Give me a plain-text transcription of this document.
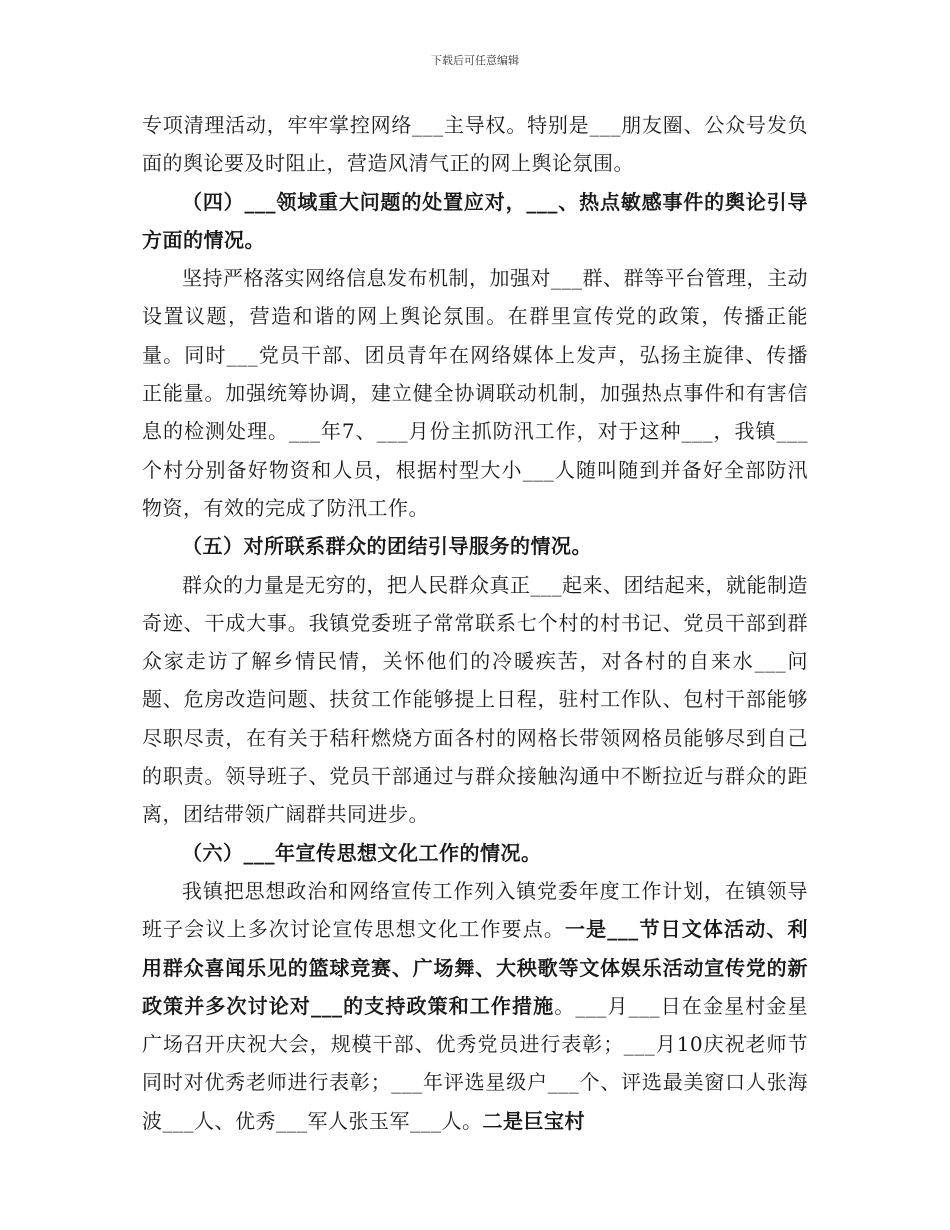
下载后可任意编辑

专项清理活动，牢牢掌控网络___主导权。特别是___朋友圈、公众号发负面的舆论要及时阻止，营造风清气正的网上舆论氛围。

（四）___领域重大问题的处置应对，___、热点敏感事件的舆论引导方面的情况。

坚持严格落实网络信息发布机制，加强对___群、群等平台管理，主动设置议题，营造和谐的网上舆论氛围。在群里宣传党的政策，传播正能量。同时___党员干部、团员青年在网络媒体上发声，弘扬主旋律、传播正能量。加强统筹协调，建立健全协调联动机制，加强热点事件和有害信息的检测处理。___年7、___月份主抓防汛工作，对于这种___，我镇___个村分别备好物资和人员，根据村型大小___人随叫随到并备好全部防汛物资，有效的完成了防汛工作。

（五）对所联系群众的团结引导服务的情况。

群众的力量是无穷的，把人民群众真正___起来、团结起来，就能制造奇迹、干成大事。我镇党委班子常常联系七个村的村书记、党员干部到群众家走访了解乡情民情，关怀他们的冷暖疾苦，对各村的自来水___问题、危房改造问题、扶贫工作能够提上日程，驻村工作队、包村干部能够尽职尽责，在有关于秸秆燃烧方面各村的网格长带领网格员能够尽到自己的职责。领导班子、党员干部通过与群众接触沟通中不断拉近与群众的距离，团结带领广阔群共同进步。

（六）___年宣传思想文化工作的情况。

我镇把思想政治和网络宣传工作列入镇党委年度工作计划，在镇领导班子会议上多次讨论宣传思想文化工作要点。一是___节日文体活动、利用群众喜闻乐见的篮球竞赛、广场舞、大秧歌等文体娱乐活动宣传党的新政策并多次讨论对___的支持政策和工作措施。___月___日在金星村金星广场召开庆祝大会，规模干部、优秀党员进行表彰；___月10庆祝老师节同时对优秀老师进行表彰；___年评选星级户___个、评选最美窗口人张海波___人、优秀___军人张玉军___人。二是巨宝村
